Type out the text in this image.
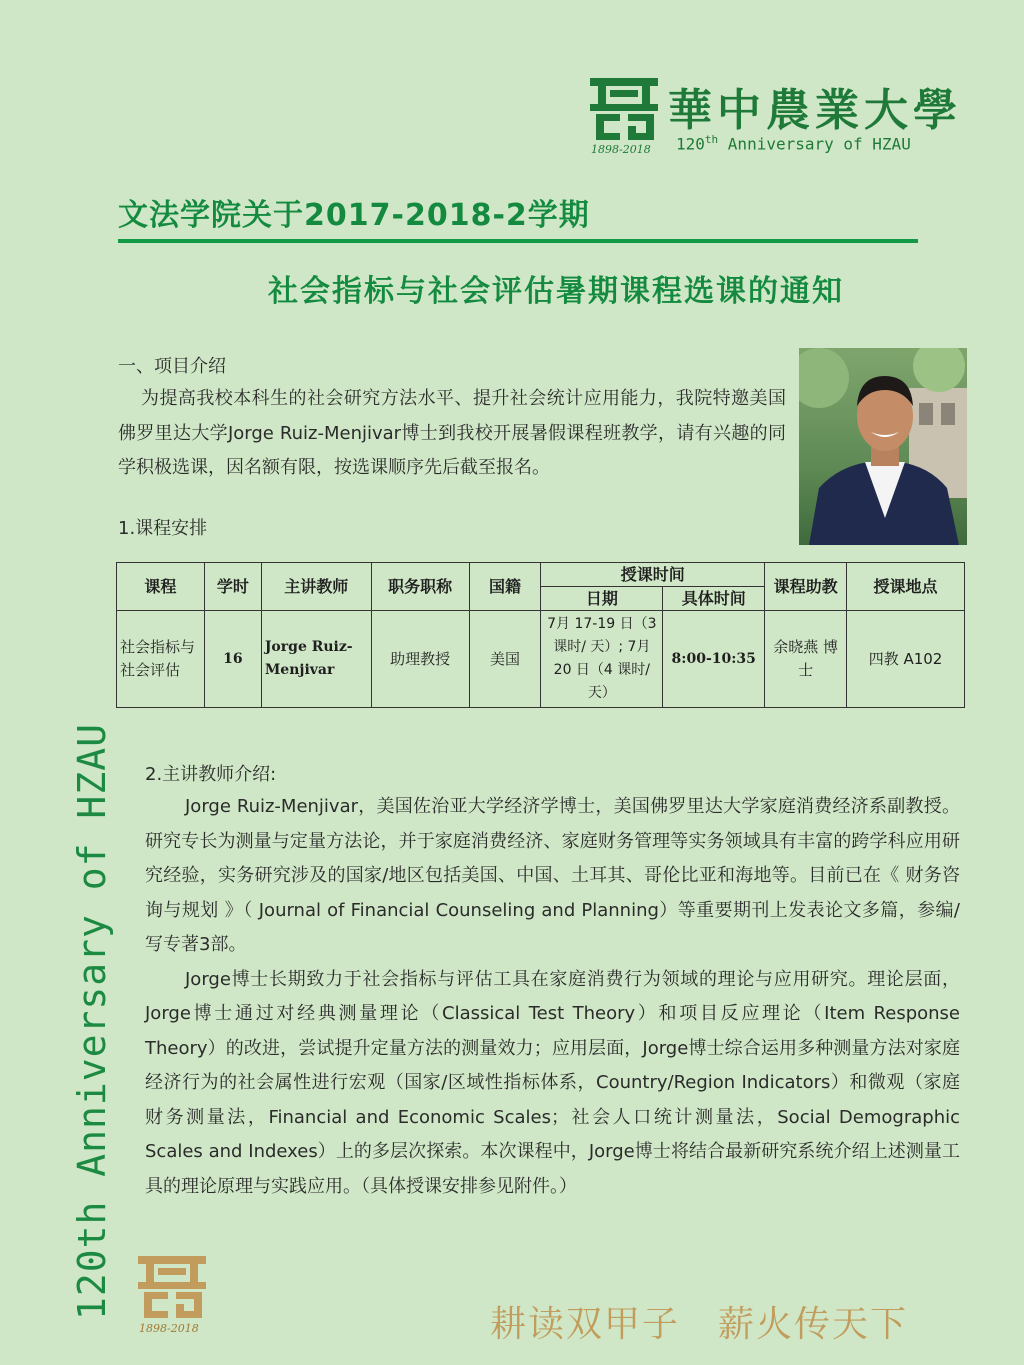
1898-2018
華中農業大學
120th Anniversary of HZAU
文法学院关于2017-2018-2学期
社会指标与社会评估暑期课程选课的通知
一、项目介绍
为提高我校本科生的社会研究方法水平、提升社会统计应用能力，我院特邀美国佛罗里达大学Jorge Ruiz-Menjivar博士到我校开展暑假课程班教学，请有兴趣的同学积极选课，因名额有限，按选课顺序先后截至报名。
1.课程安排
课程	学时	主讲教师	职务职称	国籍	授课时间		课程助教	授课地点
					日期	具体时间		
社会指标与社会评估	16	Jorge Ruiz-Menjivar	助理教授	美国	7月 17-19 日（3课时/ 天）; 7月 20 日（4 课时/天）	8:00-10:35	余晓燕 博 士	四教 A102
2.主讲教师介绍:
Jorge Ruiz-Menjivar，美国佐治亚大学经济学博士，美国佛罗里达大学家庭消费经济系副教授。研究专长为测量与定量方法论，并于家庭消费经济、家庭财务管理等实务领域具有丰富的跨学科应用研究经验，实务研究涉及的国家/地区包括美国、中国、土耳其、哥伦比亚和海地等。目前已在《 财务咨询与规划 》（ Journal of Financial Counseling and Planning）等重要期刊上发表论文多篇，参编/写专著3部。
Jorge博士长期致力于社会指标与评估工具在家庭消费行为领域的理论与应用研究。理论层面，Jorge博士通过对经典测量理论（Classical Test Theory）和项目反应理论（Item Response Theory）的改进，尝试提升定量方法的测量效力；应用层面，Jorge博士综合运用多种测量方法对家庭经济行为的社会属性进行宏观（国家/区域性指标体系，Country/Region Indicators）和微观（家庭财务测量法，Financial and Economic Scales；社会人口统计测量法，Social Demographic Scales and Indexes）上的多层次探索。本次课程中，Jorge博士将结合最新研究系统介绍上述测量工具的理论原理与实践应用。（具体授课安排参见附件。）
120th Anniversary of HZAU
1898-2018	耕读双甲子　薪火传天下
